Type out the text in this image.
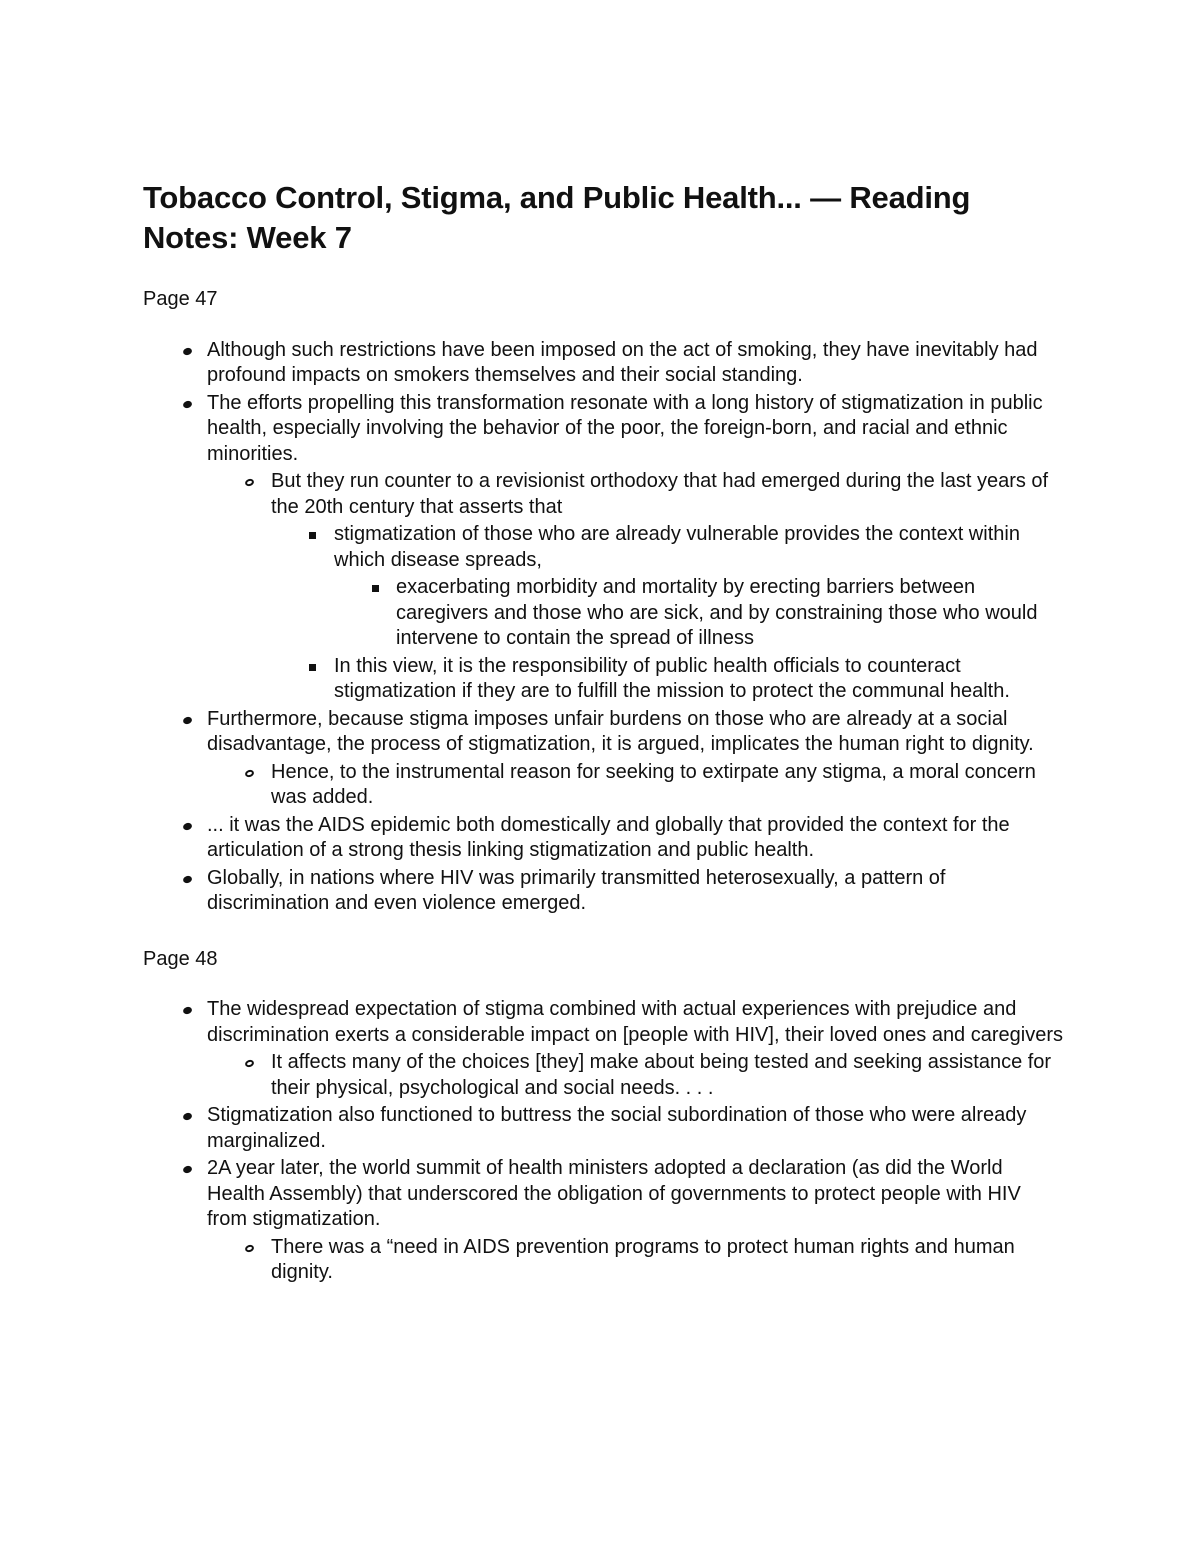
Tobacco Control, Stigma, and Public Health... — Reading Notes: Week 7

Page 47

Although such restrictions have been imposed on the act of smoking, they have inevitably had profound impacts on smokers themselves and their social standing.
The efforts propelling this transformation resonate with a long history of stigmatization in public health, especially involving the behavior of the poor, the foreign-born, and racial and ethnic minorities.
But they run counter to a revisionist orthodoxy that had emerged during the last years of the 20th century that asserts that
stigmatization of those who are already vulnerable provides the context within which disease spreads,
exacerbating morbidity and mortality by erecting barriers between caregivers and those who are sick, and by constraining those who would intervene to contain the spread of illness
In this view, it is the responsibility of public health officials to counteract stigmatization if they are to fulfill the mission to protect the communal health.
Furthermore, because stigma imposes unfair burdens on those who are already at a social disadvantage, the process of stigmatization, it is argued, implicates the human right to dignity.
Hence, to the instrumental reason for seeking to extirpate any stigma, a moral concern was added.
... it was the AIDS epidemic both domestically and globally that provided the context for the articulation of a strong thesis linking stigmatization and public health.
Globally, in nations where HIV was primarily transmitted heterosexually, a pattern of discrimination and even violence emerged.

Page 48

The widespread expectation of stigma combined with actual experiences with prejudice and discrimination exerts a considerable impact on [people with HIV], their loved ones and caregivers
It affects many of the choices [they] make about being tested and seeking assistance for their physical, psychological and social needs. . . .
Stigmatization also functioned to buttress the social subordination of those who were already marginalized.
2A year later, the world summit of health ministers adopted a declaration (as did the World Health Assembly) that underscored the obligation of governments to protect people with HIV from stigmatization.
There was a “need in AIDS prevention programs to protect human rights and human dignity.
